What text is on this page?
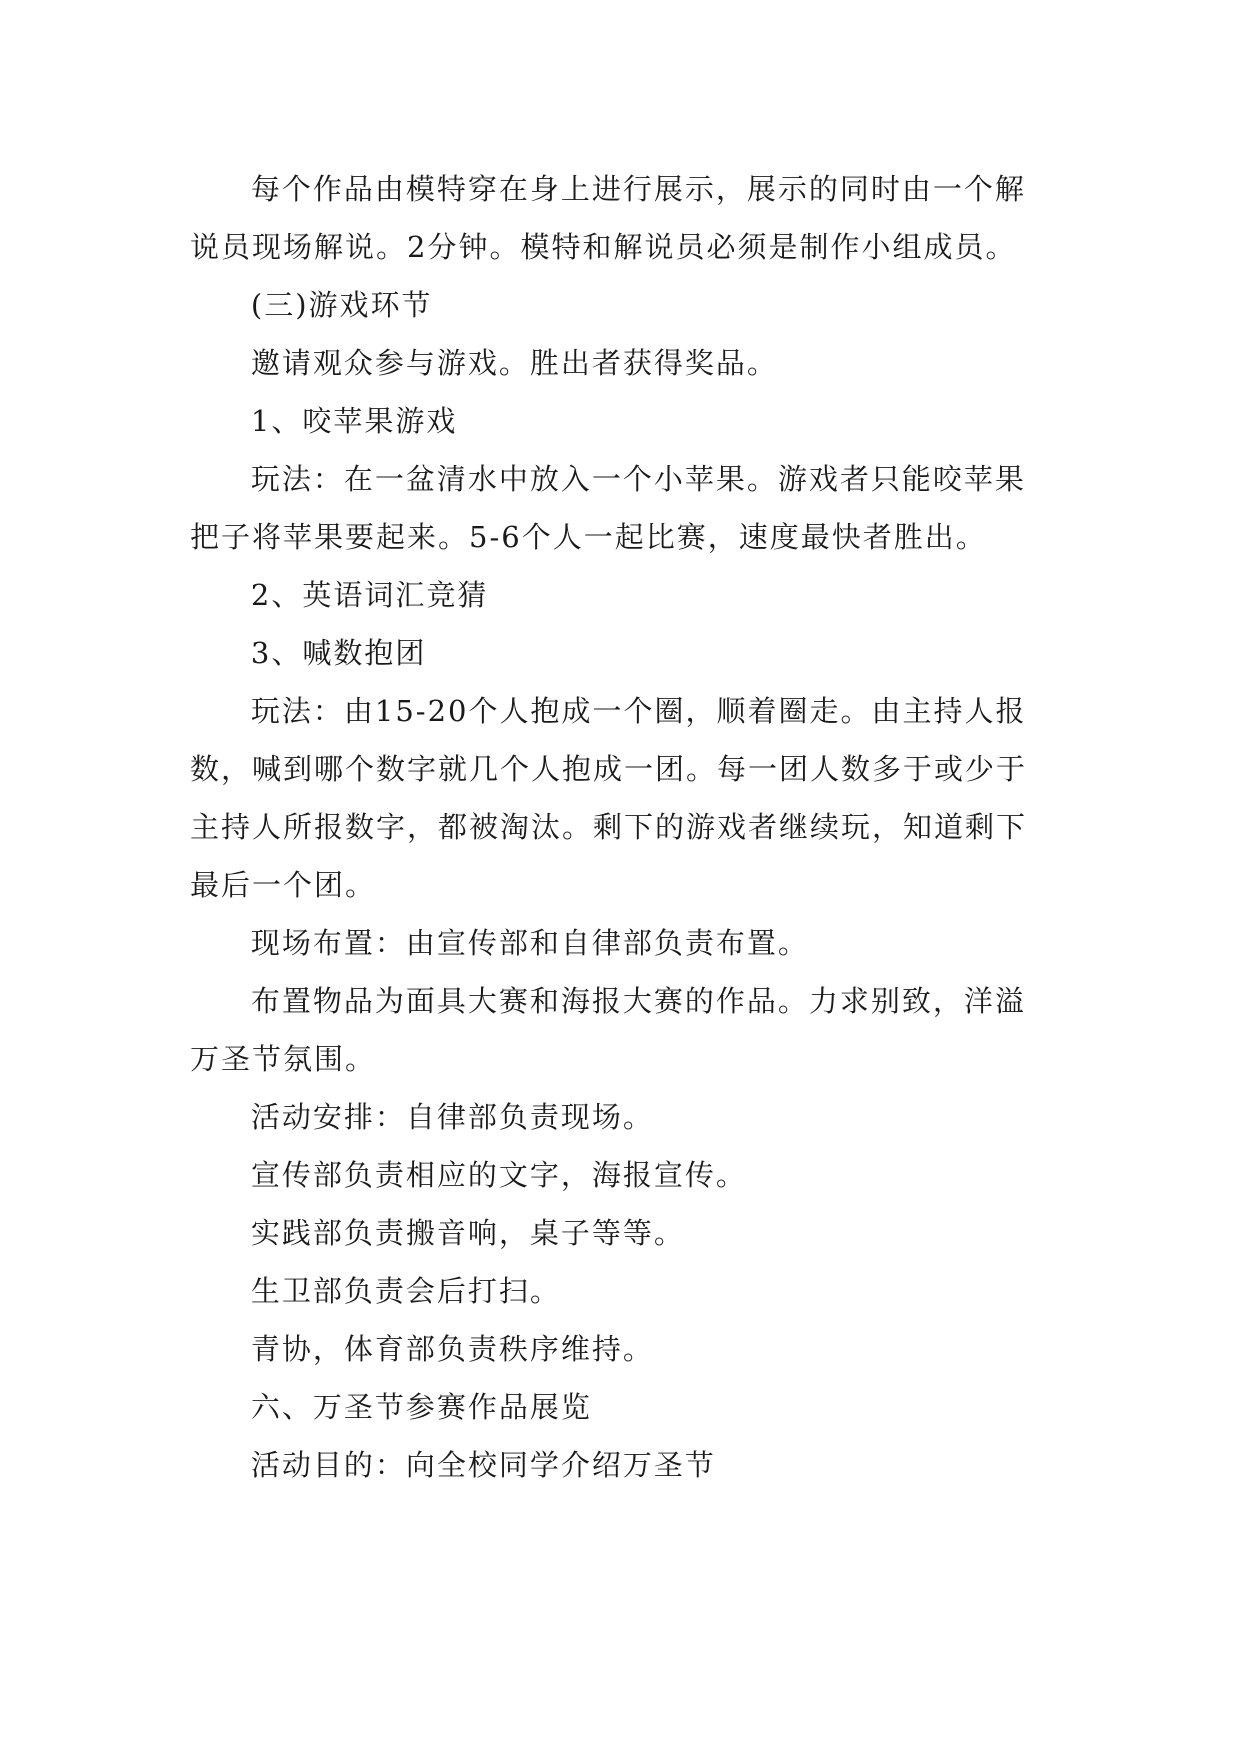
每个作品由模特穿在身上进行展示，展示的同时由一个解说员现场解说。2分钟。模特和解说员必须是制作小组成员。

(三)游戏环节

邀请观众参与游戏。胜出者获得奖品。

1、咬苹果游戏

玩法：在一盆清水中放入一个小苹果。游戏者只能咬苹果把子将苹果要起来。5-6个人一起比赛，速度最快者胜出。

2、英语词汇竞猜

3、喊数抱团

玩法：由15-20个人抱成一个圈，顺着圈走。由主持人报数，喊到哪个数字就几个人抱成一团。每一团人数多于或少于主持人所报数字，都被淘汰。剩下的游戏者继续玩，知道剩下最后一个团。

现场布置：由宣传部和自律部负责布置。

布置物品为面具大赛和海报大赛的作品。力求别致，洋溢万圣节氛围。

活动安排：自律部负责现场。

宣传部负责相应的文字，海报宣传。

实践部负责搬音响，桌子等等。

生卫部负责会后打扫。

青协，体育部负责秩序维持。

六、万圣节参赛作品展览

活动目的：向全校同学介绍万圣节
